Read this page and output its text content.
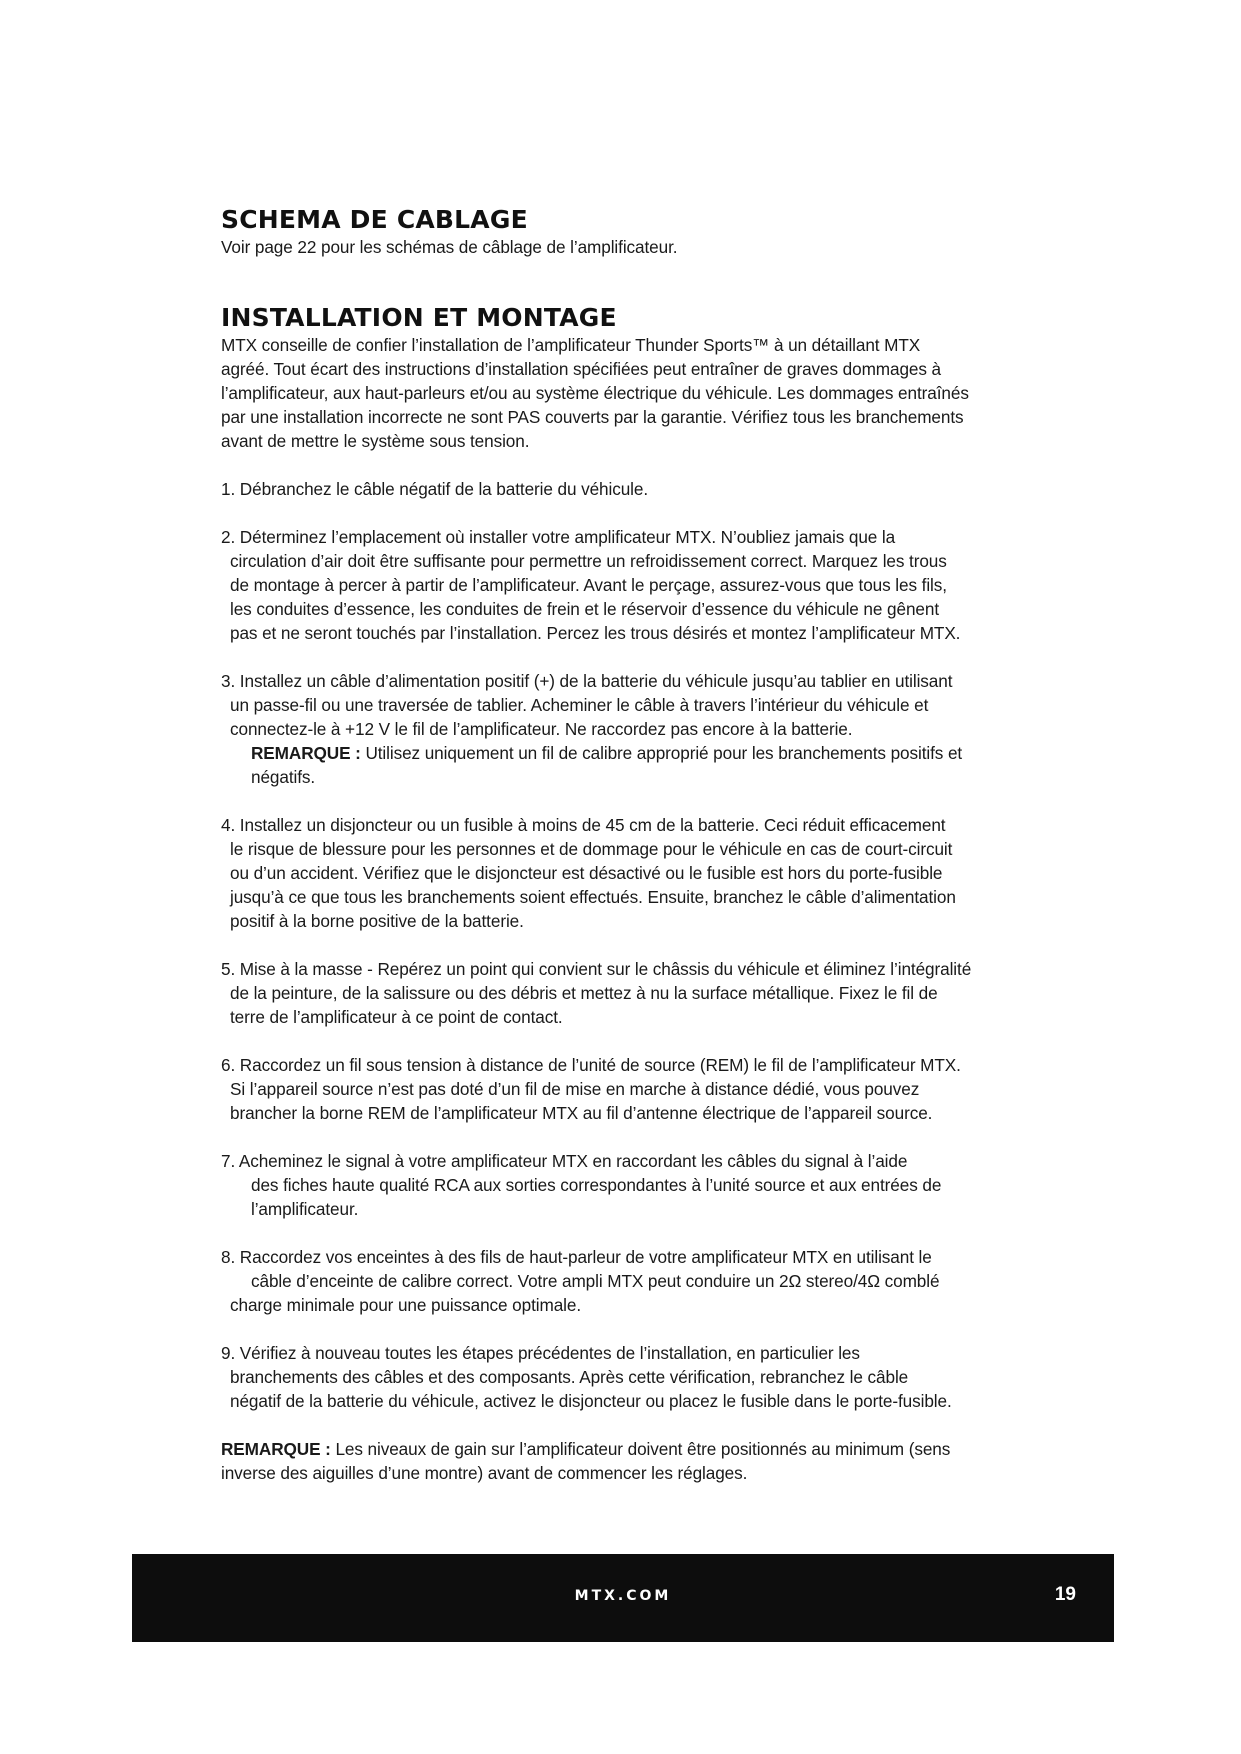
SCHEMA DE CABLAGE

Voir page 22 pour les schémas de câblage de l’amplificateur.

INSTALLATION ET MONTAGE

MTX conseille de confier l’installation de l’amplificateur Thunder Sports™ à un détaillant MTX
agréé. Tout écart des instructions d’installation spécifiées peut entraîner de graves dommages à
l’amplificateur, aux haut-parleurs et/ou au système électrique du véhicule. Les dommages entraînés
par une installation incorrecte ne sont PAS couverts par la garantie. Vérifiez tous les branchements
avant de mettre le système sous tension.

1. Débranchez le câble négatif de la batterie du véhicule.

2. Déterminez l’emplacement où installer votre amplificateur MTX. N’oubliez jamais que la
circulation d’air doit être suffisante pour permettre un refroidissement correct. Marquez les trous
de montage à percer à partir de l’amplificateur. Avant le perçage, assurez-vous que tous les fils,
les conduites d’essence, les conduites de frein et le réservoir d’essence du véhicule ne gênent
pas et ne seront touchés par l’installation. Percez les trous désirés et montez l’amplificateur MTX.

3. Installez un câble d’alimentation positif (+) de la batterie du véhicule jusqu’au tablier en utilisant
un passe-fil ou une traversée de tablier. Acheminer le câble à travers l’intérieur du véhicule et
connectez-le à +12 V le fil de l’amplificateur. Ne raccordez pas encore à la batterie.
REMARQUE : Utilisez uniquement un fil de calibre approprié pour les branchements positifs et
négatifs.

4. Installez un disjoncteur ou un fusible à moins de 45 cm de la batterie. Ceci réduit efficacement
le risque de blessure pour les personnes et de dommage pour le véhicule en cas de court-circuit
ou d’un accident. Vérifiez que le disjoncteur est désactivé ou le fusible est hors du porte-fusible
jusqu’à ce que tous les branchements soient effectués. Ensuite, branchez le câble d’alimentation
positif à la borne positive de la batterie.

5. Mise à la masse - Repérez un point qui convient sur le châssis du véhicule et éliminez l’intégralité
de la peinture, de la salissure ou des débris et mettez à nu la surface métallique. Fixez le fil de
terre de l’amplificateur à ce point de contact.

6. Raccordez un fil sous tension à distance de l’unité de source (REM) le fil de l’amplificateur MTX.
Si l’appareil source n’est pas doté d’un fil de mise en marche à distance dédié, vous pouvez
brancher la borne REM de l’amplificateur MTX au fil d’antenne électrique de l’appareil source.

7. Acheminez le signal à votre amplificateur MTX en raccordant les câbles du signal à l’aide
des fiches haute qualité RCA aux sorties correspondantes à l’unité source et aux entrées de
l’amplificateur.

8. Raccordez vos enceintes à des fils de haut-parleur de votre amplificateur MTX en utilisant le
câble d’enceinte de calibre correct. Votre ampli MTX peut conduire un 2Ω stereo/4Ω comblé
charge minimale pour une puissance optimale.

9. Vérifiez à nouveau toutes les étapes précédentes de l’installation, en particulier les
branchements des câbles et des composants. Après cette vérification, rebranchez le câble
négatif de la batterie du véhicule, activez le disjoncteur ou placez le fusible dans le porte-fusible.

REMARQUE : Les niveaux de gain sur l’amplificateur doivent être positionnés au minimum (sens
inverse des aiguilles d’une montre) avant de commencer les réglages.

MTX.COM	19
